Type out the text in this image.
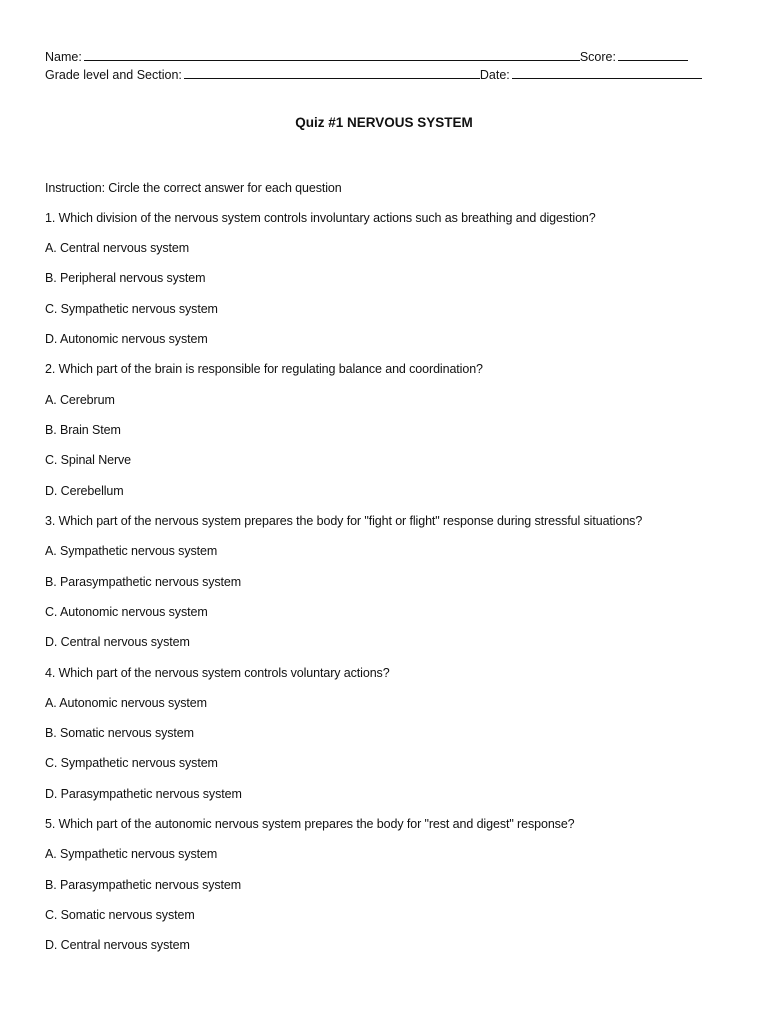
Name:	Score:
Grade level and Section:	Date:
Quiz #1 NERVOUS SYSTEM
Instruction: Circle the correct answer for each question
1. Which division of the nervous system controls involuntary actions such as breathing and digestion?
A. Central nervous system
B. Peripheral nervous system
C. Sympathetic nervous system
D. Autonomic nervous system
2. Which part of the brain is responsible for regulating balance and coordination?
A. Cerebrum
B. Brain Stem
C. Spinal Nerve
D. Cerebellum
3. Which part of the nervous system prepares the body for "fight or flight" response during stressful situations?
A. Sympathetic nervous system
B. Parasympathetic nervous system
C. Autonomic nervous system
D. Central nervous system
4. Which part of the nervous system controls voluntary actions?
A. Autonomic nervous system
B. Somatic nervous system
C. Sympathetic nervous system
D. Parasympathetic nervous system
5. Which part of the autonomic nervous system prepares the body for "rest and digest" response?
A. Sympathetic nervous system
B. Parasympathetic nervous system
C. Somatic nervous system
D. Central nervous system
